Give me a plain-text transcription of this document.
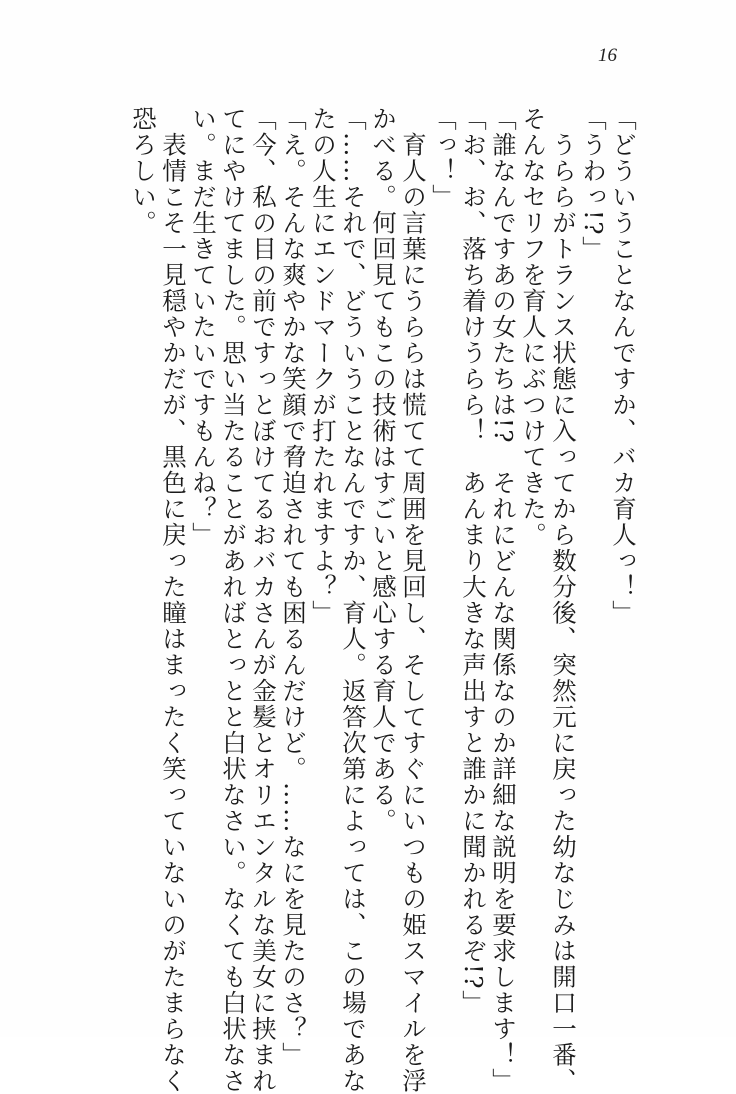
16
「どういうことなんですか、バカ育人っ！」
「うわっ!?」
　うららがトランス状態に入ってから数分後、突然元に戻った幼なじみは開口一番、
そんなセリフを育人にぶつけてきた。
「誰なんですあの女たちは!?　それにどんな関係なのか詳細な説明を要求します！」
「お、お、落ち着けうらら！　あんまり大きな声出すと誰かに聞かれるぞ!?」
「っ！」
　育人の言葉にうららは慌てて周囲を見回し、そしてすぐにいつもの姫スマイルを浮
かべる。何回見てもこの技術はすごいと感心する育人である。
「……それで、どういうことなんですか、育人。返答次第によっては、この場であな
たの人生にエンドマークが打たれますよ？」
「え。そんな爽やかな笑顔で脅迫されても困るんだけど。……なにを見たのさ？」
「今、私の目の前ですっとぼけてるおバカさんが金髪とオリエンタルな美女に挟まれ
てにやけてました。思い当たることがあればとっとと白状なさい。なくても白状なさ
い。まだ生きていたいですもんね？」
　表情こそ一見穏やかだが、黒色に戻った瞳はまったく笑っていないのがたまらなく
恐ろしい。
